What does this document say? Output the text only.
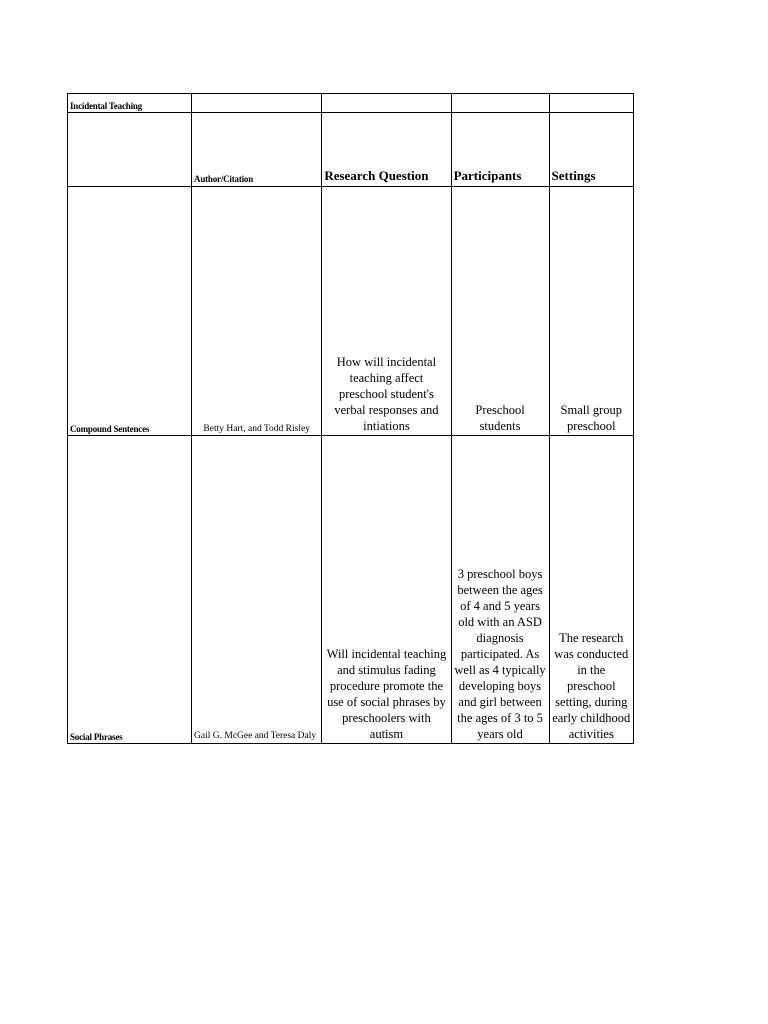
Incidental Teaching				
	Author/Citation	Research Question	Participants	Settings
Compound Sentences	Betty Hart, and Todd Risley	How will incidental teaching affect preschool student's verbal responses and intiations	Preschool students	Small group preschool
Social Phrases	Gail G. McGee and Teresa Daly	Will incidental teaching and stimulus fading procedure promote the use of social phrases by preschoolers with autism	3 preschool boys between the ages of 4 and 5 years old with an ASD diagnosis participated. As well as 4 typically developing boys and girl between the ages of 3 to 5 years old	The research was conducted in the preschool setting, during early childhood activities
